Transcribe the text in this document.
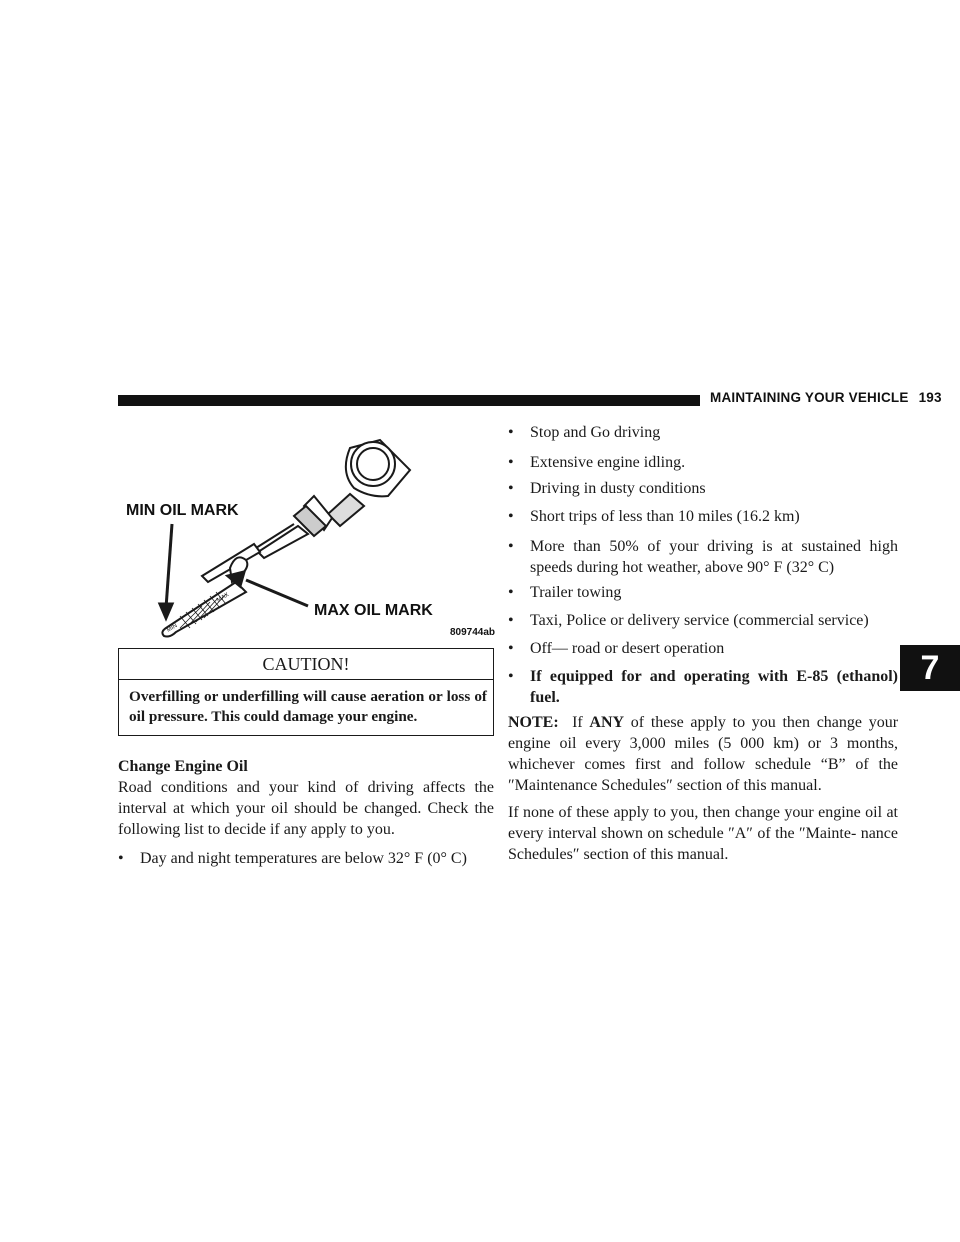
MAINTAINING YOUR VEHICLE 193
7
MIN
MAX
MIN OIL MARK
MAX OIL MARK
809744ab
CAUTION!
Overfilling or underfilling will cause aeration or loss of oil pressure. This could damage your engine.
Change Engine Oil
Road conditions and your kind of driving affects the interval at which your oil should be changed. Check the following list to decide if any apply to you.
• Day and night temperatures are below 32° F (0° C)
• Stop and Go driving
• Extensive engine idling.
• Driving in dusty conditions
• Short trips of less than 10 miles (16.2 km)
• More than 50% of your driving is at sustained high speeds during hot weather, above 90° F (32° C)
• Trailer towing
• Taxi, Police or delivery service (commercial service)
• Off— road or desert operation
• If equipped for and operating with E-85 (ethanol) fuel.
NOTE: If ANY of these apply to you then change your engine oil every 3,000 miles (5 000 km) or 3 months, whichever comes first and follow schedule “B” of the ″Maintenance Schedules″ section of this manual.
If none of these apply to you, then change your engine oil at every interval shown on schedule ″A″ of the ″Mainte- nance Schedules″ section of this manual.
